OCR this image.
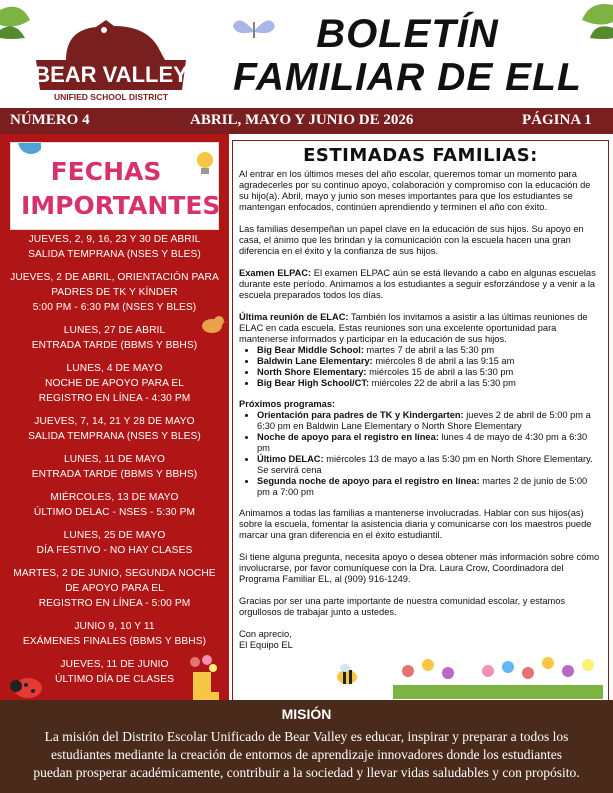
BEAR VALLEY
UNIFIED SCHOOL DISTRICT
BOLETÍN
FAMILIAR DE ELL
NÚMERO 4	ABRIL, MAYO Y JUNIO DE 2026	PÁGINA 1
FECHAS
IMPORTANTES
JUEVES, 2, 9, 16, 23 Y 30 DE ABRIL
SALIDA TEMPRANA (NSES Y BLES)
JUEVES, 2 DE ABRIL, ORIENTACIÓN PARA
PADRES DE TK Y KÍNDER
5:00 PM - 6:30 PM (NSES Y BLES)
LUNES, 27 DE ABRIL
ENTRADA TARDE (BBMS Y BBHS)
LUNES, 4 DE MAYO
NOCHE DE APOYO PARA EL
REGISTRO EN LÍNEA - 4:30 PM
JUEVES, 7, 14, 21 Y 28 DE MAYO
SALIDA TEMPRANA (NSES Y BLES)
LUNES, 11 DE MAYO
ENTRADA TARDE (BBMS Y BBHS)
MIÉRCOLES, 13 DE MAYO
ÚLTIMO DELAC - NSES - 5:30 PM
LUNES, 25 DE MAYO
DÍA FESTIVO - NO HAY CLASES
MARTES, 2 DE JUNIO, SEGUNDA NOCHE
DE APOYO PARA EL
REGISTRO EN LÍNEA - 5:00 PM
JUNIO 9, 10 Y 11
EXÁMENES FINALES (BBMS Y BBHS)
JUEVES, 11 DE JUNIO
ÚLTIMO DÍA DE CLASES
ESTIMADAS FAMILIAS:

Al entrar en los últimos meses del año escolar, queremos tomar un momento para agradecerles por su continuo apoyo, colaboración y compromiso con la educación de su hijo(a). Abril, mayo y junio son meses importantes para que los estudiantes se mantengan enfocados, continúen aprendiendo y terminen el año con éxito.

Las familias desempeñan un papel clave en la educación de sus hijos. Su apoyo en casa, el ánimo que les brindan y la comunicación con la escuela hacen una gran diferencia en el éxito y la confianza de sus hijos.

Examen ELPAC: El examen ELPAC aún se está llevando a cabo en algunas escuelas durante este período. Animamos a los estudiantes a seguir esforzándose y a venir a la escuela preparados todos los días.

Última reunión de ELAC: También los invitamos a asistir a las últimas reuniones de ELAC en cada escuela. Estas reuniones son una excelente oportunidad para mantenerse informados y participar en la educación de sus hijos.

• Big Bear Middle School: martes 7 de abril a las 5:30 pm
• Baldwin Lane Elementary: miércoles 8 de abril a las 9:15 am
• North Shore Elementary: miércoles 15 de abril a las 5:30 pm
• Big Bear High School/CT: miércoles 22 de abril a las 5:30 pm
Próximos programas:
• Orientación para padres de TK y Kindergarten: jueves 2 de abril de 5:00 pm a 6:30 pm en Baldwin Lane Elementary o North Shore Elementary
• Noche de apoyo para el registro en línea: lunes 4 de mayo de 4:30 pm a 6:30 pm
• Último DELAC: miércoles 13 de mayo a las 5:30 pm en North Shore Elementary. Se servirá cena
• Segunda noche de apoyo para el registro en línea: martes 2 de junio de 5:00 pm a 7:00 pm

Animamos a todas las familias a mantenerse involucradas. Hablar con sus hijos(as) sobre la escuela, fomentar la asistencia diaria y comunicarse con los maestros puede marcar una gran diferencia en el éxito estudiantil.

Si tiene alguna pregunta, necesita apoyo o desea obtener más información sobre cómo involucrarse, por favor comuníquese con la Dra. Laura Crow, Coordinadora del Programa Familiar EL, al (909) 916-1249.

Gracias por ser una parte importante de nuestra comunidad escolar, y estamos orgullosos de trabajar junto a ustedes.

Con aprecio,
El Equipo EL
MISIÓN
La misión del Distrito Escolar Unificado de Bear Valley es educar, inspirar y preparar a todos los estudiantes mediante la creación de entornos de aprendizaje innovadores donde los estudiantes puedan prosperar académicamente, contribuir a la sociedad y llevar vidas saludables y con propósito.
